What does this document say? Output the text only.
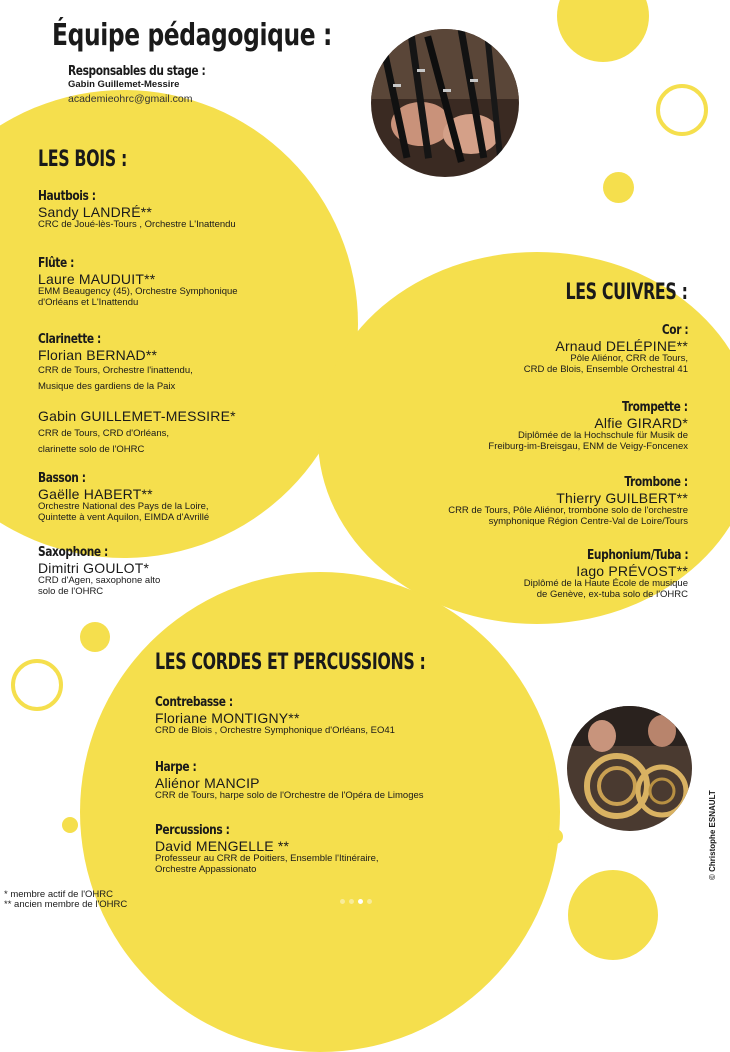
Équipe pédagogique :
Responsables du stage :
Gabin Guillemet-Messire
academieohrc@gmail.com
LES BOIS :
Hautbois :
Sandy LANDRÉ**
CRC de Joué-lès-Tours , Orchestre L'Inattendu
Flûte :
Laure MAUDUIT**
EMM Beaugency (45), Orchestre Symphonique
d'Orléans et L'Inattendu
Clarinette :
Florian BERNAD**
CRR de Tours, Orchestre l'inattendu,
Musique des gardiens de la Paix
Gabin GUILLEMET-MESSIRE*
CRR de Tours, CRD d'Orléans,
clarinette solo de l'OHRC
Basson :
Gaëlle HABERT**
Orchestre National des Pays de la Loire,
Quintette à vent Aquilon, EIMDA d'Avrillé
Saxophone :
Dimitri GOULOT*
CRD d'Agen, saxophone alto
solo de l'OHRC
LES CUIVRES :
Cor :
Arnaud DELÉPINE**
Pôle Aliénor, CRR de Tours,
CRD de Blois, Ensemble Orchestral 41
Trompette :
Alfie GIRARD*
Diplômée de la Hochschule für Musik de
Freiburg-im-Breisgau, ENM de Veigy-Foncenex
Trombone :
Thierry GUILBERT**
CRR de Tours, Pôle Aliénor, trombone solo de l'orchestre
symphonique Région Centre-Val de Loire/Tours
Euphonium/Tuba :
Iago PRÉVOST**
Diplômé de la Haute École de musique
de Genève, ex-tuba solo de l'OHRC
LES CORDES ET PERCUSSIONS :
Contrebasse :
Floriane MONTIGNY**
CRD de Blois , Orchestre Symphonique d'Orléans, EO41
Harpe :
Aliénor MANCIP
CRR de Tours, harpe solo de l'Orchestre de l'Opéra de Limoges
Percussions :
David MENGELLE **
Professeur au CRR de Poitiers, Ensemble l'Itinéraire,
Orchestre Appassionato
* membre actif de l'OHRC
** ancien membre de l'OHRC
© Christophe ESNAULT
